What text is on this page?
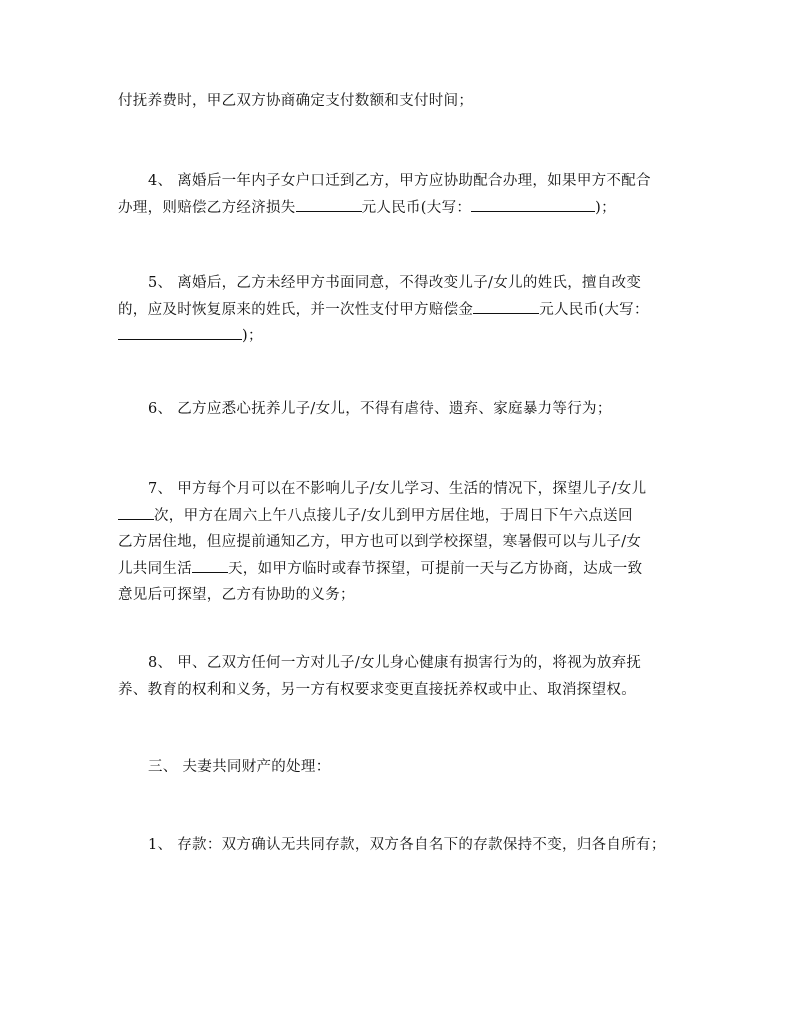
付抚养费时，甲乙双方协商确定支付数额和支付时间；

4、 离婚后一年内子女户口迁到乙方，甲方应协助配合办理，如果甲方不配合
办理，则赔偿乙方经济损失	元人民币(大写：	)；

5、 离婚后，乙方未经甲方书面同意，不得改变儿子/女儿的姓氏，擅自改变
的，应及时恢复原来的姓氏，并一次性支付甲方赔偿金	元人民币(大写：
)；

6、 乙方应悉心抚养儿子/女儿，不得有虐待、遗弃、家庭暴力等行为；

7、 甲方每个月可以在不影响儿子/女儿学习、生活的情况下，探望儿子/女儿
次，甲方在周六上午八点接儿子/女儿到甲方居住地，于周日下午六点送回
乙方居住地，但应提前通知乙方，甲方也可以到学校探望，寒暑假可以与儿子/女
儿共同生活 天，如甲方临时或春节探望，可提前一天与乙方协商，达成一致
意见后可探望，乙方有协助的义务；

8、 甲、乙双方任何一方对儿子/女儿身心健康有损害行为的，将视为放弃抚
养、教育的权利和义务，另一方有权要求变更直接抚养权或中止、取消探望权。

三、 夫妻共同财产的处理：

1、 存款：双方确认无共同存款，双方各自名下的存款保持不变，归各自所有；
